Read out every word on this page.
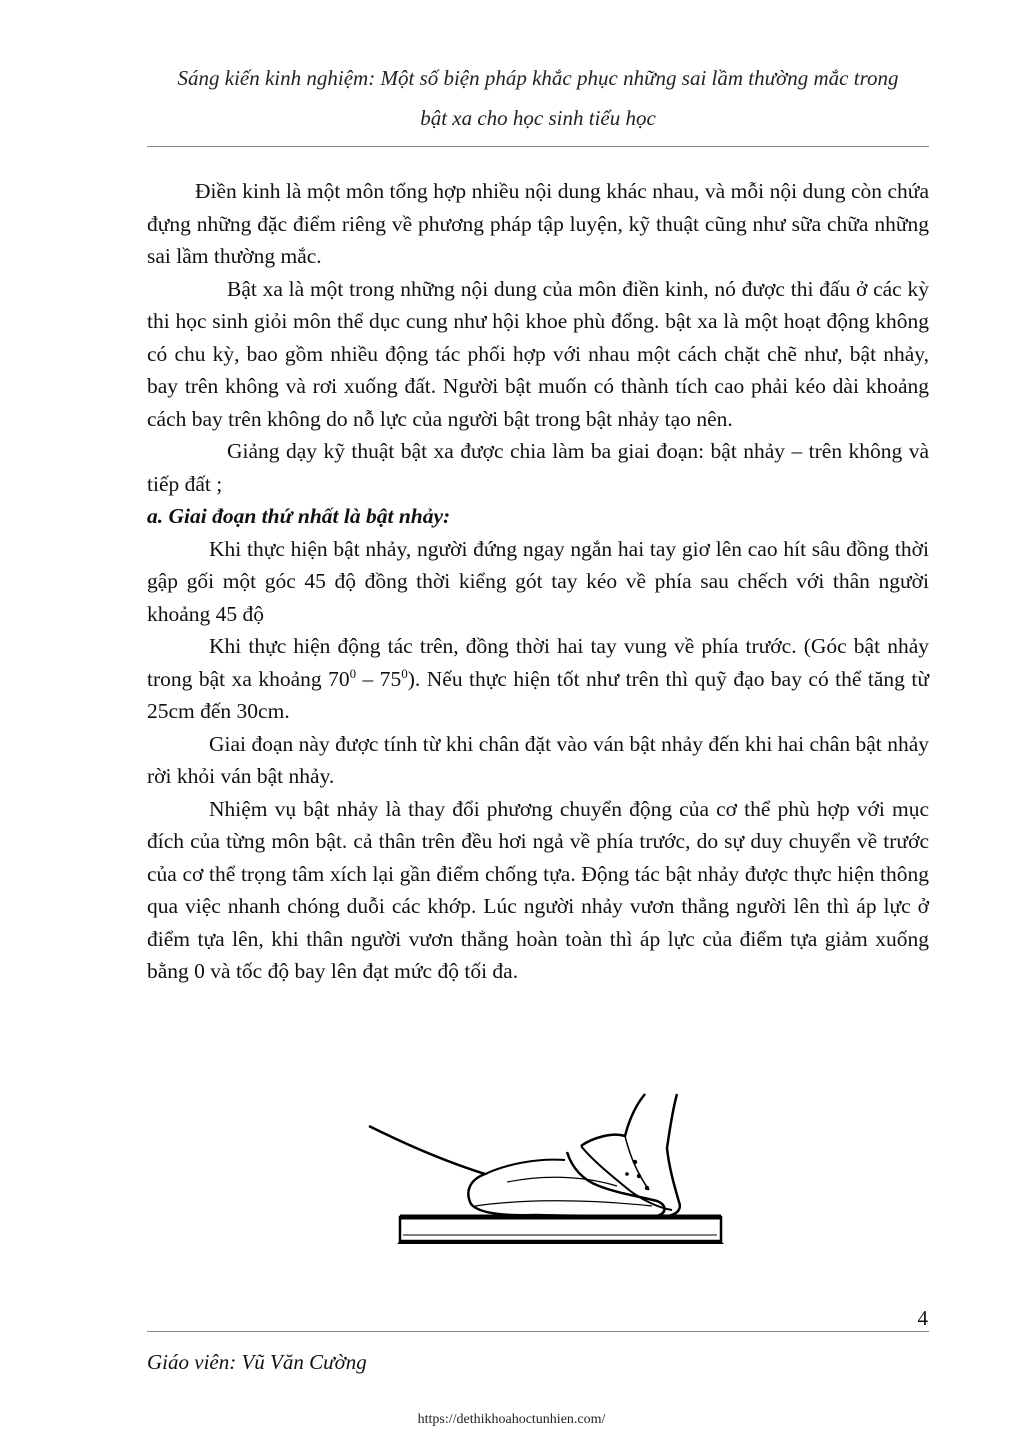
Sáng kiến kinh nghiệm: Một số biện pháp khắc phục những sai lầm thường mắc trong
bật xa cho học sinh tiểu học

Điền kinh là một môn tổng hợp nhiều nội dung khác nhau, và mỗi nội dung còn chứa đựng những đặc điểm riêng về phương pháp tập luyện, kỹ thuật cũng như sữa chữa những sai lầm thường mắc.

Bật xa là một trong những nội dung của môn điền kinh, nó được thi đấu ở các kỳ thi học sinh giỏi môn thể dục cung như hội khoe phù đổng. bật xa là một hoạt động không có chu kỳ, bao gồm nhiều động tác phối hợp với nhau một cách chặt chẽ như, bật nhảy, bay trên không và rơi xuống đất. Người bật muốn có thành tích cao phải kéo dài khoảng cách bay trên không do nỗ lực của người bật trong bật nhảy tạo nên.

Giảng dạy kỹ thuật bật xa được chia làm ba giai đoạn: bật nhảy – trên không và tiếp đất ;

a. Giai đoạn thứ nhất là bật nhảy:

Khi thực hiện bật nhảy, người đứng ngay ngắn hai tay giơ lên cao hít sâu đồng thời gập gối một góc 45 độ đồng thời kiểng gót tay kéo về phía sau chếch với thân người khoảng 45 độ

Khi thực hiện động tác trên, đồng thời hai tay vung về phía trước. (Góc bật nhảy trong bật xa khoảng $70^0 - 75^0$). Nếu thực hiện tốt như trên thì quỹ đạo bay có thể tăng từ 25cm đến 30cm.

Giai đoạn này được tính từ khi chân đặt vào ván bật nhảy đến khi hai chân bật nhảy rời khỏi ván bật nhảy.

Nhiệm vụ bật nhảy là thay đổi phương chuyển động của cơ thể phù hợp với mục đích của từng môn bật. cả thân trên đều hơi ngả về phía trước, do sự duy chuyển về trước của cơ thể trọng tâm xích lại gần điểm chống tựa. Động tác bật nhảy được thực hiện thông qua việc nhanh chóng duỗi các khớp. Lúc người nhảy vươn thẳng người lên thì áp lực ở điểm tựa lên, khi thân người vươn thẳng hoàn toàn thì áp lực của điểm tựa giảm xuống bằng 0 và tốc độ bay lên đạt mức độ tối đa.

4
Giáo viên: Vũ Văn Cường
https://dethikhoahoctunhien.com/
